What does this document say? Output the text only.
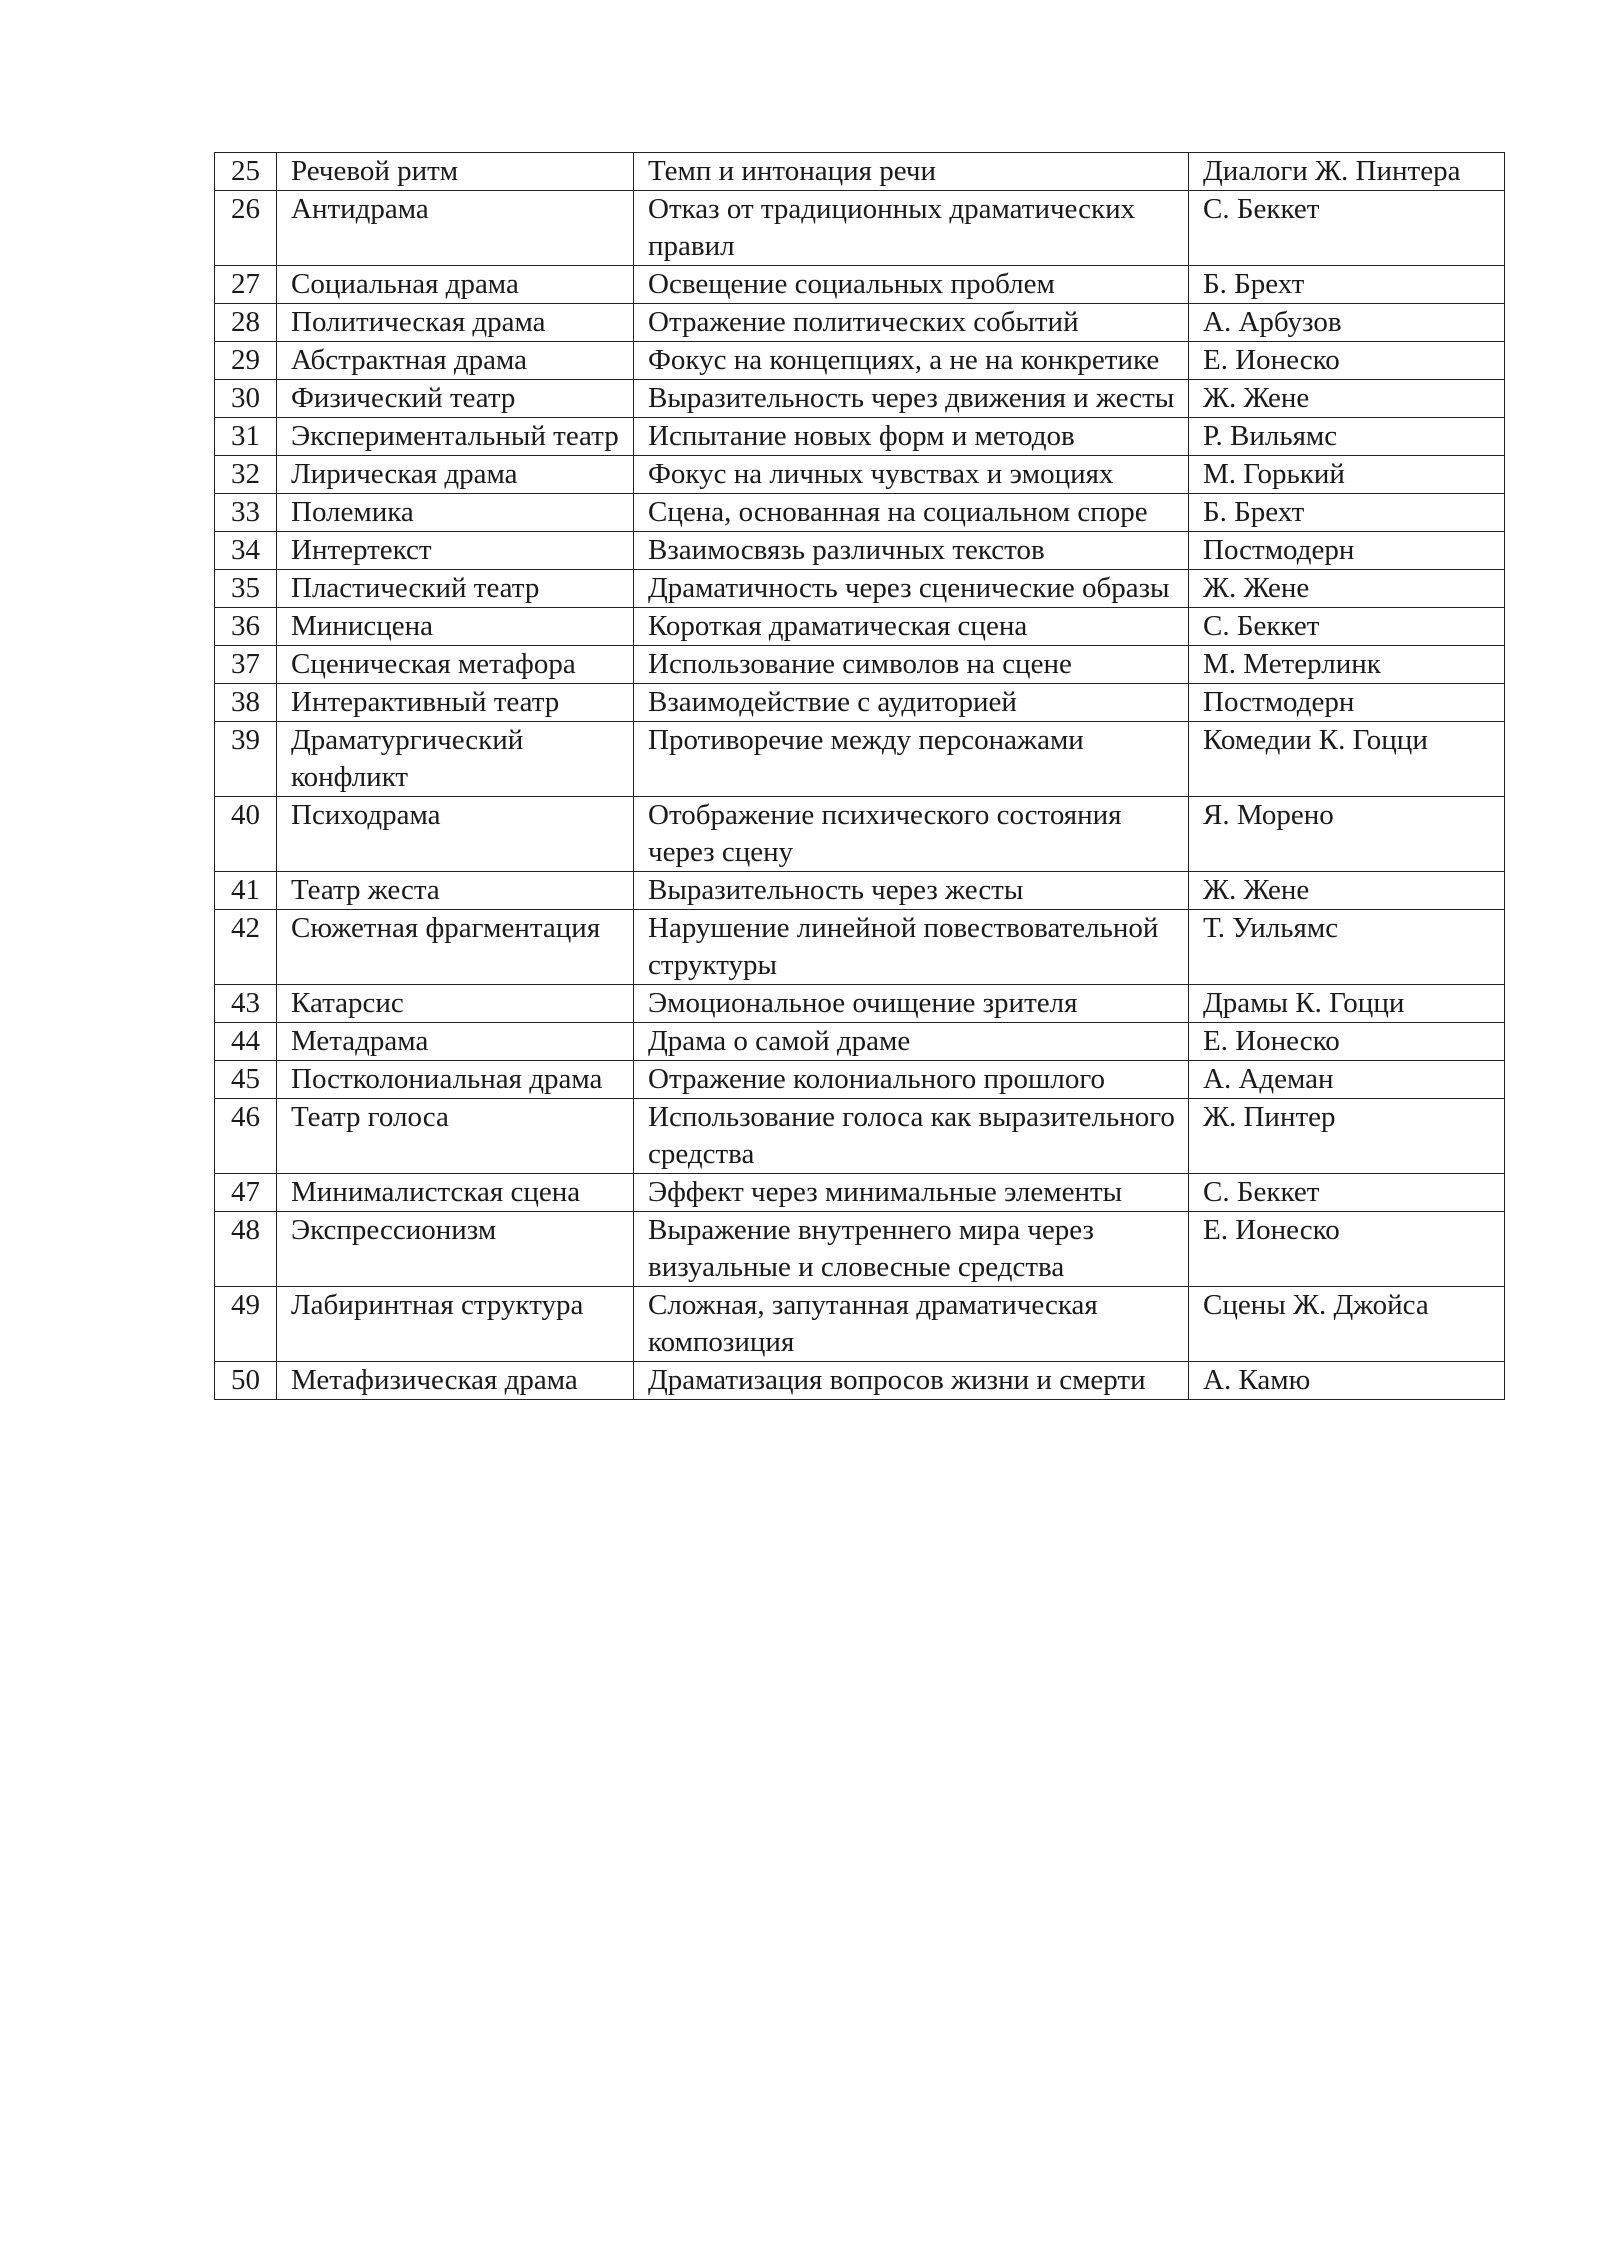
25	Речевой ритм	Темп и интонация речи	Диалоги Ж. Пинтера
26	Антидрама	Отказ от традиционных драматических правил	С. Беккет
27	Социальная драма	Освещение социальных проблем	Б. Брехт
28	Политическая драма	Отражение политических событий	А. Арбузов
29	Абстрактная драма	Фокус на концепциях, а не на конкретике	Е. Ионеско
30	Физический театр	Выразительность через движения и жесты	Ж. Жене
31	Экспериментальный театр	Испытание новых форм и методов	Р. Вильямс
32	Лирическая драма	Фокус на личных чувствах и эмоциях	М. Горький
33	Полемика	Сцена, основанная на социальном споре	Б. Брехт
34	Интертекст	Взаимосвязь различных текстов	Постмодерн
35	Пластический театр	Драматичность через сценические образы	Ж. Жене
36	Минисцена	Короткая драматическая сцена	С. Беккет
37	Сценическая метафора	Использование символов на сцене	М. Метерлинк
38	Интерактивный театр	Взаимодействие с аудиторией	Постмодерн
39	Драматургический конфликт	Противоречие между персонажами	Комедии К. Гоцци
40	Психодрама	Отображение психического состояния через сцену	Я. Морено
41	Театр жеста	Выразительность через жесты	Ж. Жене
42	Сюжетная фрагментация	Нарушение линейной повествовательной структуры	Т. Уильямс
43	Катарсис	Эмоциональное очищение зрителя	Драмы К. Гоцци
44	Метадрама	Драма о самой драме	Е. Ионеско
45	Постколониальная драма	Отражение колониального прошлого	А. Адеман
46	Театр голоса	Использование голоса как выразительного средства	Ж. Пинтер
47	Минималистская сцена	Эффект через минимальные элементы	С. Беккет
48	Экспрессионизм	Выражение внутреннего мира через визуальные и словесные средства	Е. Ионеско
49	Лабиринтная структура	Сложная, запутанная драматическая композиция	Сцены Ж. Джойса
50	Метафизическая драма	Драматизация вопросов жизни и смерти	А. Камю
